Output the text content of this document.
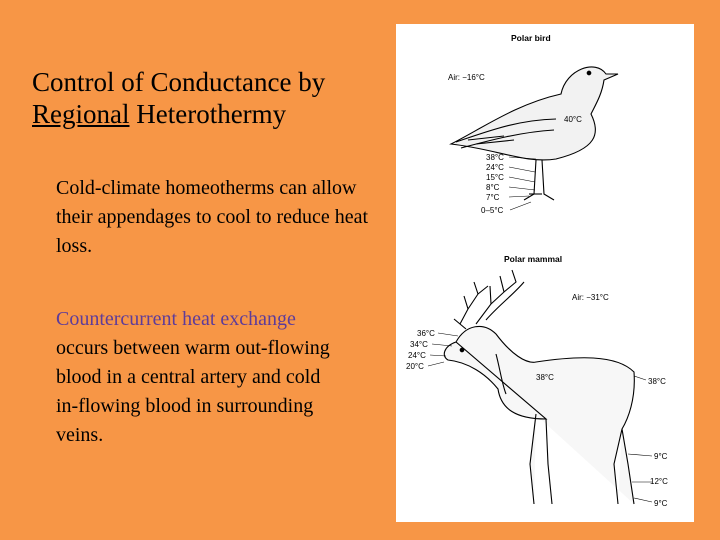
Control of Conductance by
Regional Heterothermy
Cold-climate homeotherms can allow their appendages to cool to reduce heat loss.
Countercurrent heat exchange occurs between warm out-flowing blood in a central artery and cold in-flowing blood in surrounding veins.
Polar bird
Air: −16°C
40°C
38°C
24°C
15°C
8°C
7°C
0–5°C
Polar mammal
Air: −31°C
36°C
34°C
24°C
20°C
38°C	38°C
9°C
12°C
9°C
